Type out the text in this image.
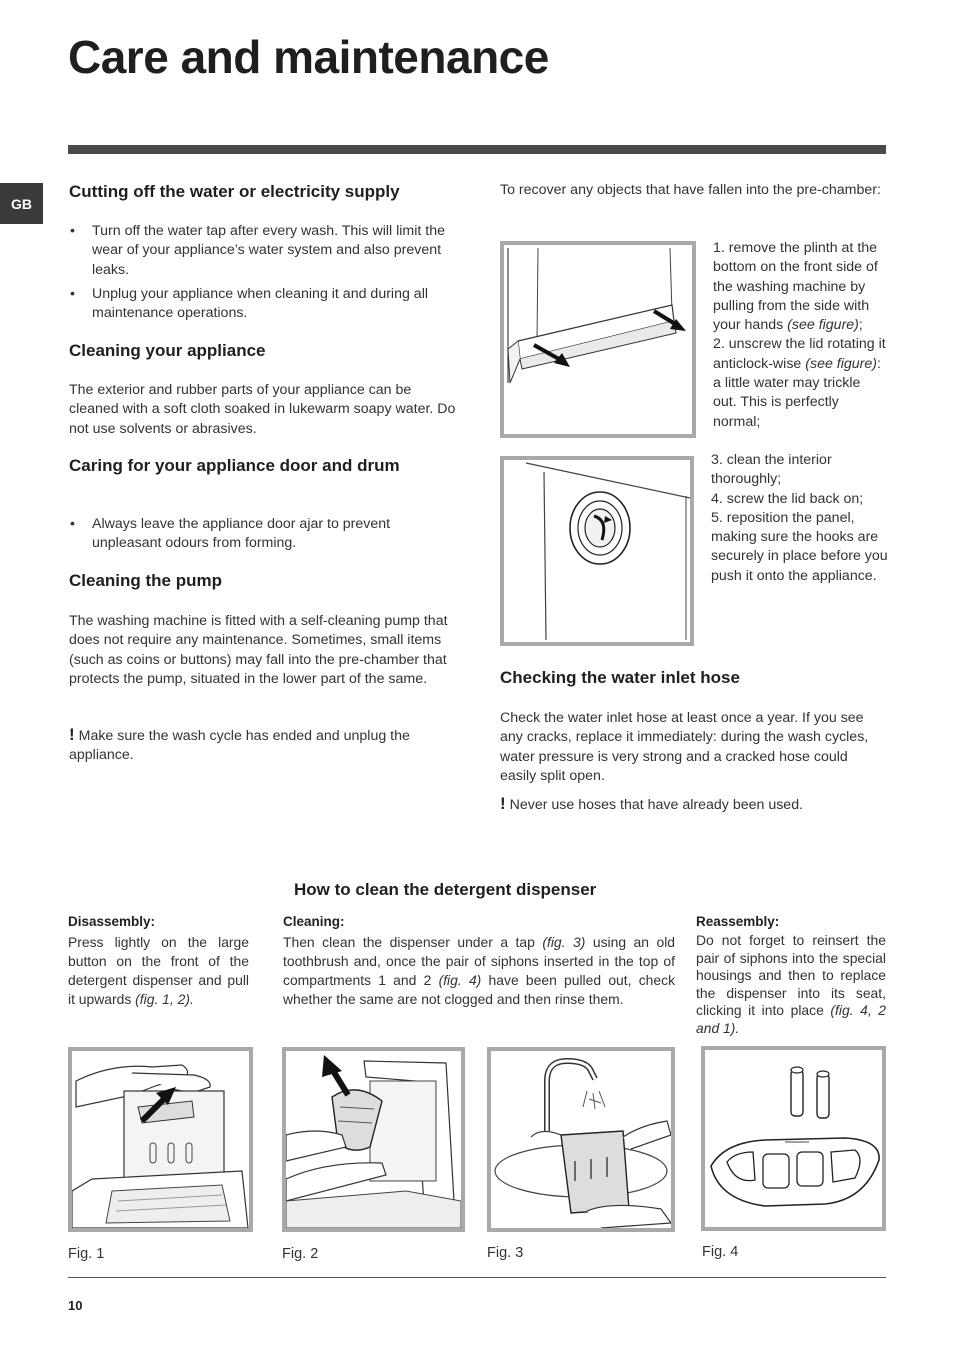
Care and maintenance
GB
Cutting off the water or electricity supply
• Turn off the water tap after every wash. This will limit the wear of your appliance’s water system and also prevent leaks.
• Unplug your appliance when cleaning it and during all maintenance operations.
Cleaning your appliance

The exterior and rubber parts of your appliance can be cleaned with a soft cloth soaked in lukewarm soapy water. Do not use solvents or abrasives.

Caring for your appliance door and drum
• Always leave the appliance door ajar to prevent unpleasant odours from forming.
Cleaning the pump

The washing machine is fitted with a self-cleaning pump that does not require any maintenance. Sometimes, small items (such as coins or buttons) may fall into the pre-chamber that protects the pump, situated in the lower part of the same.

! Make sure the wash cycle has ended and unplug the appliance.

To recover any objects that have fallen into the pre-chamber:

1. remove the plinth at the bottom on the front side of the washing machine by pulling from the side with your hands (see figure);
2. unscrew the lid rotating it anticlock-wise (see figure): a little water may trickle out. This is perfectly normal;
3. clean the interior thoroughly;
4. screw the lid back on;
5. reposition the panel, making sure the hooks are securely in place before you push it onto the appliance.
Checking the water inlet hose

Check the water inlet hose at least once a year. If you see any cracks, replace it immediately: during the wash cycles, water pressure is very strong and a cracked hose could easily split open.

! Never use hoses that have already been used.

How to clean the detergent dispenser
Disassembly:

Press lightly on the large button on the front of the detergent dispenser and pull it upwards (fig. 1, 2).

Cleaning:

Then clean the dispenser under a tap (fig. 3) using an old toothbrush and, once the pair of siphons inserted in the top of compartments 1 and 2 (fig. 4) have been pulled out, check whether the same are not clogged and then rinse them.

Reassembly:

Do not forget to reinsert the pair of siphons into the special housings and then to replace the dispenser into its seat, clicking it into place (fig. 4, 2 and 1).

Fig. 1	Fig. 2	Fig. 3	Fig. 4
10
